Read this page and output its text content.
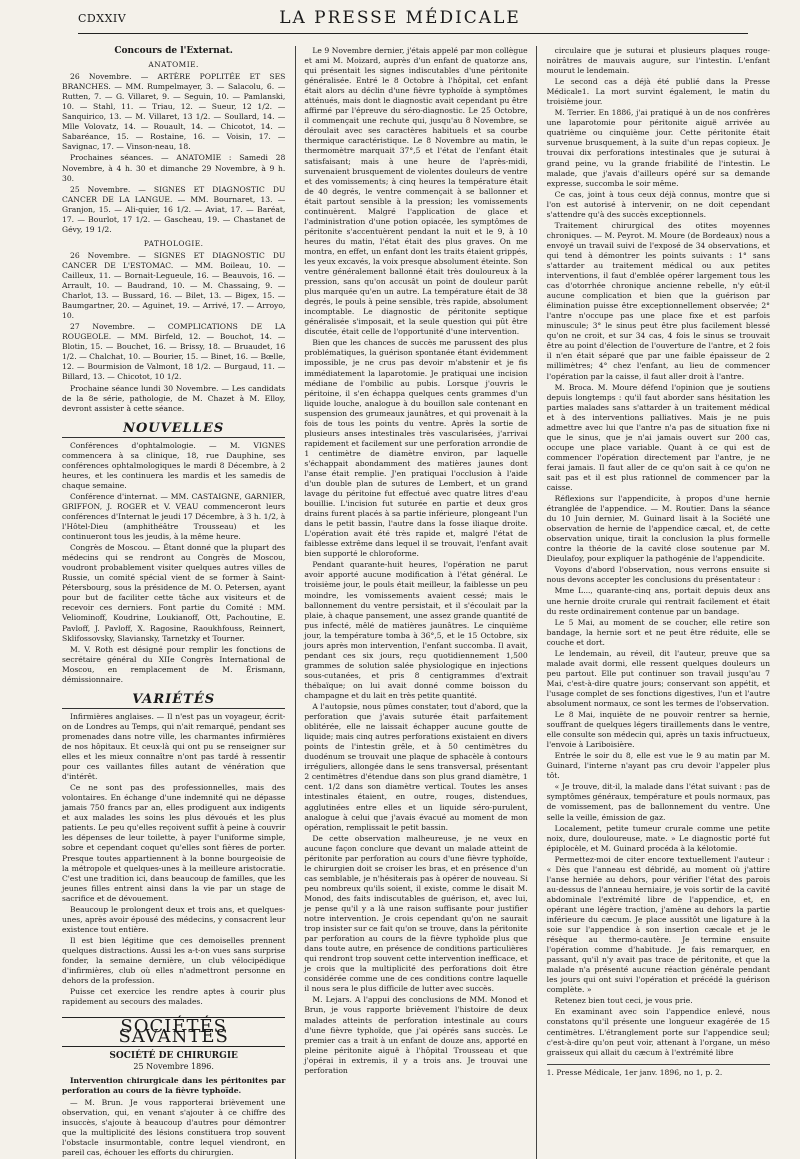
CDXXIV	LA PRESSE MÉDICALE
Concours de l'Externat.
ANATOMIE.

26 Novembre. — ARTÈRE POPLITÉE ET SES BRANCHES. — MM. Rumpelmayer, 3. — Salacolu, 6. — Rutten, 7. — G. Villaret, 9. — Seguin, 10. — Pamlanski, 10. — Stahl, 11. — Triau, 12. — Sueur, 12 1/2. — Sanquirico, 13. — M. Villaret, 13 1/2. — Soullard, 14. — Mlle Volovatz, 14. — Rouault, 14. — Chicotot, 14. — Sabaréance, 15. — Rostaine, 16. — Voisin, 17. — Savignac, 17. — Vinson-neau, 18.

Prochaines séances. — ANATOMIE : Samedi 28 Novembre, à 4 h. 30 et dimanche 29 Novembre, à 9 h. 30.

25 Novembre. — SIGNES ET DIAGNOSTIC DU CANCER DE LA LANGUE. — MM. Bournaret, 13. — Granjon, 15. — Ali-quier, 16 1/2. — Aviat, 17. — Baréat, 17. — Bourlot, 17 1/2. — Gascheau, 19. — Chastanet de Gévy, 19 1/2.

PATHOLOGIE.

26 Novembre. — SIGNES ET DIAGNOSTIC DU CANCER DE L'ESTOMAC. — MM. Boileau, 10. — Cailleux, 11. — Bornait-Legueule, 16. — Beauvois, 16. — Arrault, 10. — Baudrand, 10. — M. Chassaing, 9. — Charlot, 13. — Bussard, 16. — Bilet, 13. — Bigex, 15. — Baumgartner, 20. — Aguinet, 19. — Arrivé, 17. — Arroyo, 10.

27 Novembre. — COMPLICATIONS DE LA ROUGEOLE. — MM. Birfeld, 12. — Bouchot, 14. — Blotin, 15. — Bouchet, 16. — Brissy, 18. — Bruaudet, 16 1/2. — Chalchat, 10. — Bourier, 15. — Binet, 16. — Bœlle, 12. — Bourmision de Valmont, 18 1/2. — Burgaud, 11. — Billard, 13. — Chicotot, 10 1/2.

Prochaine séance lundi 30 Novembre. — Les candidats de la 8e série, pathologie, de M. Chazet à M. Elloy, devront assister à cette séance.

NOUVELLES

Conférences d'ophtalmologie. — M. VIGNES commencera à sa clinique, 18, rue Dauphine, ses conférences ophtalmologiques le mardi 8 Décembre, à 2 heures, et les continuera les mardis et les samedis de chaque semaine.

Conférence d'internat. — MM. CASTAIGNE, GARNIER, GRIFFON, J. ROGER et V. VEAU commenceront leurs conférences d'Internat le jeudi 17 Décembre, à 3 h. 1/2, à l'Hôtel-Dieu (amphithéâtre Trousseau) et les continueront tous les jeudis, à la même heure.

Congrès de Moscou. — Étant donné que la plupart des médecins qui se rendront au Congrès de Moscou, voudront probablement visiter quelques autres villes de Russie, un comité spécial vient de se former à Saint-Pétersbourg, sous la présidence de M. O. Petersen, ayant pour but de faciliter cette tâche aux visiteurs et de recevoir ces derniers. Font partie du Comité : MM. Veliominoff, Koudrine, Loukianoff, Ott, Pachoutine, E. Pavloff, J. Pavloff, X. Ragosine, Raoukhfouss, Reinnert, Sklifossovsky, Slaviansky, Tarnetzky et Tourner.

M. V. Roth est désigné pour remplir les fonctions de secrétaire général du XIIe Congrès International de Moscou, en remplacement de M. Érismann, démissionnaire.

VARIÉTÉS

Infirmières anglaises. — Il n'est pas un voyageur, écrit-on de Londres au Temps, qui n'ait remarqué, pendant ses promenades dans notre ville, les charmantes infirmières de nos hôpitaux. Et ceux-là qui ont pu se renseigner sur elles et les mieux connaître n'ont pas tardé à ressentir pour ces vaillantes filles autant de vénération que d'intérêt.

Ce ne sont pas des professionnelles, mais des volontaires. En échange d'une indemnité qui ne dépasse jamais 750 francs par an, elles prodiguent aux indigents et aux malades les soins les plus dévoués et les plus patients. Le peu qu'elles reçoivent suffit à peine à couvrir les dépenses de leur toilette, à payer l'uniforme simple, sobre et cependant coquet qu'elles sont fières de porter. Presque toutes appartiennent à la bonne bourgeoisie de la métropole et quelques-unes à la meilleure aristocratie. C'est une tradition ici, dans beaucoup de familles, que les jeunes filles entrent ainsi dans la vie par un stage de sacrifice et de dévouement.

Beaucoup le prolongent deux et trois ans, et quelques-unes, après avoir épousé des médecins, y consacrent leur existence tout entière.

Il est bien légitime que ces demoiselles prennent quelques distractions. Aussi les a-t-on vues sans surprise fonder, la semaine dernière, un club vélocipédique d'infirmières, club où elles n'admettront personne en dehors de la profession.

Puisse cet exercice les rendre aptes à courir plus rapidement au secours des malades.

SOCIÉTÉS SAVANTES
SOCIÉTÉ DE CHIRURGIE
25 Novembre 1896.

Intervention chirurgicale dans les péritonites par perforation au cours de la fièvre typhoïde.

— M. Brun. Je vous rapporterai brièvement une observation, qui, en venant s'ajouter à ce chiffre des insuccès, s'ajoute à beaucoup d'autres pour démontrer que la multiplicité des lésions constituera trop souvent l'obstacle insurmontable, contre lequel viendront, en pareil cas, échouer les efforts du chirurgien.

Le 9 Novembre dernier, j'étais appelé par mon collègue et ami M. Moizard, auprès d'un enfant de quatorze ans, qui présentait les signes indiscutables d'une péritonite généralisée. Entré le 8 Octobre à l'hôpital, cet enfant était alors au déclin d'une fièvre typhoïde à symptômes atténués, mais dont le diagnostic avait cependant pu être affirmé par l'épreuve du séro-diagnostic. Le 25 Octobre, il commençait une rechute qui, jusqu'au 8 Novembre, se déroulait avec ses caractères habituels et sa courbe thermique caractéristique. Le 8 Novembre au matin, le thermomètre marquait 37°,5 et l'état de l'enfant était satisfaisant; mais à une heure de l'après-midi, survenaient brusquement de violentes douleurs de ventre et des vomissements; à cinq heures la température était de 40 degrés, le ventre commençait à se ballonner et était partout sensible à la pression; les vomissements continuèrent. Malgré l'application de glace et l'administration d'une potion opiacée, les symptômes de péritonite s'accentuèrent pendant la nuit et le 9, à 10 heures du matin, l'état était des plus graves. On me montra, en effet, un enfant dont les traits étaient grippés, les yeux excavés, la voix presque absolument éteinte. Son ventre généralement ballonné était très douloureux à la pression, sans qu'on accusât un point de douleur parût plus marquée qu'en un autre. La température était de 38 degrés, le pouls à peine sensible, très rapide, absolument incomptable. Le diagnostic de péritonite septique généralisée s'imposait, et la seule question qui pût être discutée, était celle de l'opportunité d'une intervention.

Bien que les chances de succès me parussent des plus problématiques, la guérison spontanée étant évidemment impossible, je ne crus pas devoir m'abstenir et je fis immédiatement la laparotomie. Je pratiquai une incision médiane de l'ombilic au pubis. Lorsque j'ouvris le péritoine, il s'en échappa quelques cents grammes d'un liquide louche, analogue à du bouillon sale contenant en suspension des grumeaux jaunâtres, et qui provenait à la fois de tous les points du ventre. Après la sortie de plusieurs anses intestinales très vascularisées, j'arrivai rapidement et facilement sur une perforation arrondie de 1 centimètre de diamètre environ, par laquelle s'échappait abondamment des matières jaunes dont l'anse était remplie. J'en pratiquai l'occlusion à l'aide d'un double plan de sutures de Lembert, et un grand lavage du péritoine fut effectué avec quatre litres d'eau bouillie. L'incision fut suturée en partie et deux gros drains furent placés à sa partie inférieure, plongeant l'un dans le petit bassin, l'autre dans la fosse iliaque droite. L'opération avait été très rapide et, malgré l'état de faiblesse extrême dans lequel il se trouvait, l'enfant avait bien supporté le chloroforme.

Pendant quarante-huit heures, l'opération ne parut avoir apporté aucune modification à l'état général. Le troisième jour, le pouls était meilleur, la faiblesse un peu moindre, les vomissements avaient cessé; mais le ballonnement du ventre persistait, et il s'écoulait par la plaie, à chaque pansement, une assez grande quantité de pus infecté, mêlé de matières jaunâtres. Le cinquième jour, la température tomba à 36°,5, et le 15 Octobre, six jours après mon intervention, l'enfant succomba. Il avait, pendant ces six jours, reçu quotidiennement 1,500 grammes de solution salée physiologique en injections sous-cutanées, et pris 8 centigrammes d'extrait thébaïque; on lui avait donné comme boisson du champagne et du lait en très petite quantité.

A l'autopsie, nous pûmes constater, tout d'abord, que la perforation que j'avais suturée était parfaitement oblitérée, elle ne laissait échapper aucune goutte de liquide; mais cinq autres perforations existaient en divers points de l'intestin grêle, et à 50 centimètres du duodénum se trouvait une plaque de sphacèle à contours irréguliers, allongée dans le sens transversal, présentant 2 centimètres d'étendue dans son plus grand diamètre, 1 cent. 1/2 dans son diamètre vertical. Toutes les anses intestinales étaient, en outre, rouges, distendues, agglutinées entre elles et un liquide séro-purulent, analogue à celui que j'avais évacué au moment de mon opération, remplissait le petit bassin.

De cette observation malheureuse, je ne veux en aucune façon conclure que devant un malade atteint de péritonite par perforation au cours d'une fièvre typhoïde, le chirurgien doit se croiser les bras, et en présence d'un cas semblable, je n'hésiterais pas à opérer de nouveau. Si peu nombreux qu'ils soient, il existe, comme le disait M. Monod, des faits indiscutables de guérison, et, avec lui, je pense qu'il y a là une raison suffisante pour justifier notre intervention. Je crois cependant qu'on ne saurait trop insister sur ce fait qu'on se trouve, dans la péritonite par perforation au cours de la fièvre typhoïde plus que dans toute autre, en présence de conditions particulières qui rendront trop souvent cette intervention inefficace, et je crois que la multiplicité des perforations doit être considérée comme une de ces conditions contre laquelle il nous sera le plus difficile de lutter avec succès.

M. Lejars. A l'appui des conclusions de MM. Monod et Brun, je vous rapporte brièvement l'histoire de deux malades atteints de perforation intestinale au cours d'une fièvre typhoïde, que j'ai opérés sans succès. Le premier cas a trait à un enfant de douze ans, apporté en pleine péritonite aiguë à l'hôpital Trousseau et que j'opérai in extremis, il y a trois ans. Je trouvai une perforation

circulaire que je suturai et plusieurs plaques rouge-noirâtres de mauvais augure, sur l'intestin. L'enfant mourut le lendemain.

Le second cas a déjà été publié dans la Presse Médicale1. La mort survint également, le matin du troisième jour.

M. Terrier. En 1886, j'ai pratiqué à un de nos confrères une laparotomie pour péritonite aiguë arrivée au quatrième ou cinquième jour. Cette péritonite était survenue brusquement, à la suite d'un repas copieux. Je trouvai dix perforations intestinales que je suturai à grand peine, vu la grande friabilité de l'intestin. Le malade, que j'avais d'ailleurs opéré sur sa demande expresse, succomba le soir même.

Ce cas, joint à tous ceux déjà connus, montre que si l'on est autorisé à intervenir, on ne doit cependant s'attendre qu'à des succès exceptionnels.

Traitement chirurgical des otites moyennes chroniques. — M. Peyrot. M. Moure (de Bordeaux) nous a envoyé un travail suivi de l'exposé de 34 observations, et qui tend à démontrer les points suivants : 1° sans s'attarder au traitement médical ou aux petites interventions, il faut d'emblée opérer largement tous les cas d'otorrhée chronique ancienne rebelle, n'y eût-il aucune complication et bien que la guérison par élimination puisse être exceptionnellement observée; 2° l'antre n'occupe pas une place fixe et est parfois minuscule; 3° le sinus peut être plus facilement blessé qu'on ne croit, et sur 34 cas, 4 fois le sinus se trouvait être au point d'élection de l'ouverture de l'antre, et 2 fois il n'en était séparé que par une faible épaisseur de 2 millimètres; 4° chez l'enfant, au lieu de commencer l'opération par la caisse, il faut aller droit à l'antre.

M. Broca. M. Moure défend l'opinion que je soutiens depuis longtemps : qu'il faut aborder sans hésitation les parties malades sans s'attarder à un traitement médical et à des interventions palliatives. Mais je ne puis admettre avec lui que l'antre n'a pas de situation fixe ni que le sinus, que je n'ai jamais ouvert sur 200 cas, occupe une place variable. Quant à ce qui est de commencer l'opération directement par l'antre, je ne ferai jamais. Il faut aller de ce qu'on sait à ce qu'on ne sait pas et il est plus rationnel de commencer par la caisse.

Réflexions sur l'appendicite, à propos d'une hernie étranglée de l'appendice. — M. Routier. Dans la séance du 10 Juin dernier, M. Guinard lisait à la Société une observation de hernie de l'appendice cæcal, et, de cette observation unique, tirait la conclusion la plus formelle contre la théorie de la cavité close soutenue par M. Dieulafoy, pour expliquer la pathogénie de l'appendicite.

Voyons d'abord l'observation, nous verrons ensuite si nous devons accepter les conclusions du présentateur :

Mme L..., quarante-cinq ans, portait depuis deux ans une hernie droite crurale qui rentrait facilement et était du reste ordinairement contenue par un bandage.

Le 5 Mai, au moment de se coucher, elle retire son bandage, la hernie sort et ne peut être réduite, elle se couche et dort.

Le lendemain, au réveil, dit l'auteur, preuve que sa malade avait dormi, elle ressent quelques douleurs un peu partout. Elle put continuer son travail jusqu'au 7 Mai, c'est-à-dire quatre jours; conservant son appétit, et l'usage complet de ses fonctions digestives, l'un et l'autre absolument normaux, ce sont les termes de l'observation.

Le 8 Mai, inquiète de ne pouvoir rentrer sa hernie, souffrant de quelques légers tiraillements dans le ventre, elle consulte son médecin qui, après un taxis infructueux, l'envoie à Lariboisière.

Entrée le soir du 8, elle est vue le 9 au matin par M. Guinard, l'interne n'ayant pas cru devoir l'appeler plus tôt.

« Je trouve, dit-il, la malade dans l'état suivant : pas de symptômes généraux, température et pouls normaux, pas de vomissement, pas de ballonnement du ventre. Une selle la veille, émission de gaz.

Localement, petite tumeur crurale comme une petite noix, dure, douloureuse, mate. » Le diagnostic porté fut épiplocèle, et M. Guinard procéda à la kélotomie.

Permettez-moi de citer encore textuellement l'auteur : « Dès que l'anneau est débridé, au moment où j'attire l'anse herniée au dehors, pour vérifier l'état des parois au-dessus de l'anneau herniaire, je vois sortir de la cavité abdominale l'extrémité libre de l'appendice, et, en opérant une légère traction, j'amène au dehors la partie inférieure du cæcum. Je place aussitôt une ligature à la soie sur l'appendice à son insertion cæcale et je le résèque au thermo-cautère. Je termine ensuite l'opération comme d'habitude. Je fais remarquer, en passant, qu'il n'y avait pas trace de péritonite, et que la malade n'a présenté aucune réaction générale pendant les jours qui ont suivi l'opération et précédé la guérison complète. »

Retenez bien tout ceci, je vous prie.

En examinant avec soin l'appendice enlevé, nous constatons qu'il présente une longueur exagérée de 15 centimètres. L'étranglement porte sur l'appendice seul; c'est-à-dire qu'on peut voir, attenant à l'organe, un méso graisseux qui allait du cæcum à l'extrémité libre

1. Presse Médicale, 1er janv. 1896, no 1, p. 2.
